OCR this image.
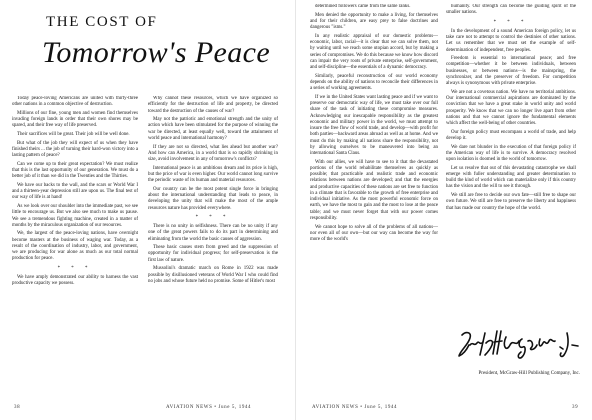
THE COST OF
Tomorrow's Peace

Today peace-loving Americans are united with thirty-three other nations in a common objective of destruction.

Millions of our fine, young men and women find themselves invading foreign lands in order that their own shores may be spared, and their free way of life preserved.

Their sacrifices will be great. Their job will be well done.

But what of the job they will expect of us when they have finished theirs ... the job of turning their hard-won victory into a lasting pattern of peace?

Can we come up to their great expectation? We must realize that this is the last opportunity of our generation. We must do a better job of it than we did in the Twenties and the Thirties.

We have our backs to the wall, and the scars or World War I and a thirteen-year depression still are upon us. The final test of our way of life is at hand!

As we look over our shoulder into the immediate past, we see little to encourage us. But we also see much to make us pause. We see a tremendous fighting machine, created in a matter of months by the miraculous organization of our resources.

We, the largest of the peace-loving nations, have overnight become masters at the business of waging war. Today, as a result of the coordination of industry, labor, and government, we are producing for war alone as much as our total normal production for peace.

* * *

We have amply demonstrated our ability to harness the vast productive capacity we possess.

Why cannot these resources, which we have organized so efficiently for the destruction of life and property, be directed toward the destruction of the causes of war?

May not the patriotic and emotional strength and the unity of action which have been stimulated for the purpose of winning the war be directed, at least equally well, toward the attainment of world peace and international harmony?

If they are not so directed, what lies ahead but another war? And how can America, in a world that is so rapidly shrinking in size, avoid involvement in any of tomorrow's conflicts?

International peace is an ambitious dream and its price is high, but the price of war is even higher. Our world cannot long survive the periodic waste of its human and material resources.

Our country can be the most potent single force in bringing about the international understanding that leads to peace, in developing the unity that will make the most of the ample resources nature has provided everywhere.

* * *

There is no unity in selfishness. There can be no unity if any one of the great powers fails to do its part in determining and eliminating from the world the basic causes of aggression.

These basic causes stem from greed and the suppression of opportunity for individual progress; for self-preservation is the first law of nature.

Mussolini's dramatic march on Rome in 1922 was made possible by disillusioned veterans of World War I who could find no jobs and whose future held no promise. Some of Hitler's most

38	AVIATION NEWS • June 5, 1944

determined followers came from the same ranks.

Men denied the opportunity to make a living, for themselves and for their children, are easy prey to false doctrines and dangerous "isms."

In any realistic appraisal of our domestic problems—economic, labor, racial—it is clear that we can solve them, not by waiting until we reach some utopian accord, but by making a series of compromises. We do this because we know how discord can impair the very roots of private enterprise, self-government, and self-discipline—the essentials of a dynamic democracy.

Similarly, peaceful reconstruction of our world economy depends on the ability of nations to reconcile their differences in a series of working agreements.

If we in the United States want lasting peace and if we want to preserve our democratic way of life, we must take over our full share of the task of initiating these compromise measures. Acknowledging our inescapable responsibility as the greatest economic and military power in the world, we must attempt to insure the free flow of world trade, and develop—with profit for both parties—backward areas abroad as well as at home. And we must do this by making all nations share the responsibility, not by allowing ourselves to be maneuvered into being an international Santa Claus.

With our allies, we will have to see to it that the devastated portions of the world rehabilitate themselves as quickly as possible; that practicable and realistic trade and economic relations between nations are developed; and that the energies and productive capacities of these nations are set free to function in a climate that is favorable to the growth of free enterprise and individual initiative. As the most powerful economic force on earth, we have the most to gain and the most to lose at the peace table; and we must never forget that with our power comes responsibility.

We cannot hope to solve all of the problems of all nations—nor even all of our own—but our way can become the way for more of the world's

humanity. Our strength can become the guiding spirit of the smaller nations.

* * *

In the development of a sound American foreign policy, let us take care not to attempt to control the destinies of other nations. Let us remember that we must set the example of self-determination of independent, free peoples.

Freedom is essential to international peace; and free competition—whether it be between individuals, between businesses, or between nations—is the mainspring, the synchronizer, and the preserver of freedom. For competition always is synonymous with private enterprise.

We are not a covetous nation. We have no territorial ambitions. Our international commercial aspirations are dominated by the conviction that we have a great stake in world unity and world prosperity. We know that we can no longer live apart from other nations and that we cannot ignore the fundamental elements which affect the well-being of other countries.

Our foreign policy must encompass a world of trade, and help develop it.

We dare not blunder in the execution of that foreign policy if the American way of life is to survive. A democracy resolved upon isolation is doomed in the world of tomorrow.

Let us resolve that out of this devastating catastrophe we shall emerge with fuller understanding and greater determination to build the kind of world which can materialize only if this country has the vision and the will to see it through.

We still are free to decide our own fate—still free to shape our own future. We still are free to preserve the liberty and happiness that has made our country the hope of the world.

President, McGraw-Hill Publishing Company, Inc.
AVIATION NEWS • June 5, 1944	39
